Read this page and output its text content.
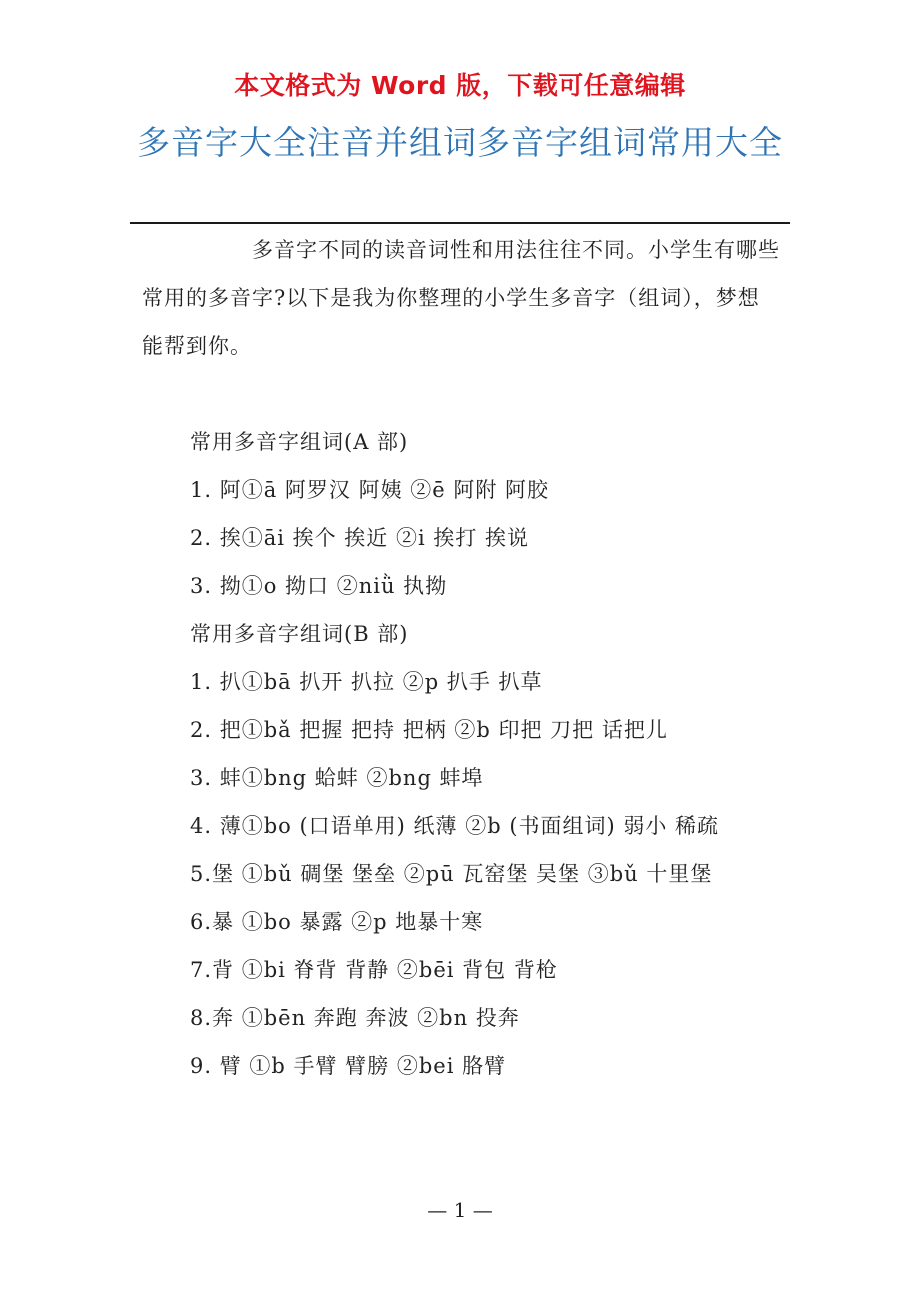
本文格式为 Word 版，下载可任意编辑
多音字大全注音并组词多音字组词常用大全

多音字不同的读音词性和用法往往不同。小学生有哪些常用的多音字?以下是我为你整理的小学生多音字（组词），梦想能帮到你。

常用多音字组词(A 部)

1. 阿①ā 阿罗汉 阿姨 ②ē 阿附 阿胶

2. 挨①āi 挨个 挨近 ②i 挨打 挨说

3. 拗①o 拗口 ②niǜ 执拗

常用多音字组词(B 部)

1. 扒①bā 扒开 扒拉 ②p 扒手 扒草

2. 把①bǎ 把握 把持 把柄 ②b 印把 刀把 话把儿

3. 蚌①bng 蛤蚌 ②bng 蚌埠

4. 薄①bo (口语单用) 纸薄 ②b (书面组词) 弱小 稀疏

5.堡 ①bǔ 碉堡 堡垒 ②pū 瓦窑堡 吴堡 ③bǔ 十里堡

6.暴 ①bo 暴露 ②p 地暴十寒

7.背 ①bi 脊背 背静 ②bēi 背包 背枪

8.奔 ①bēn 奔跑 奔波 ②bn 投奔

9. 臂 ①b 手臂 臂膀 ②bei 胳臂

— 1 —
